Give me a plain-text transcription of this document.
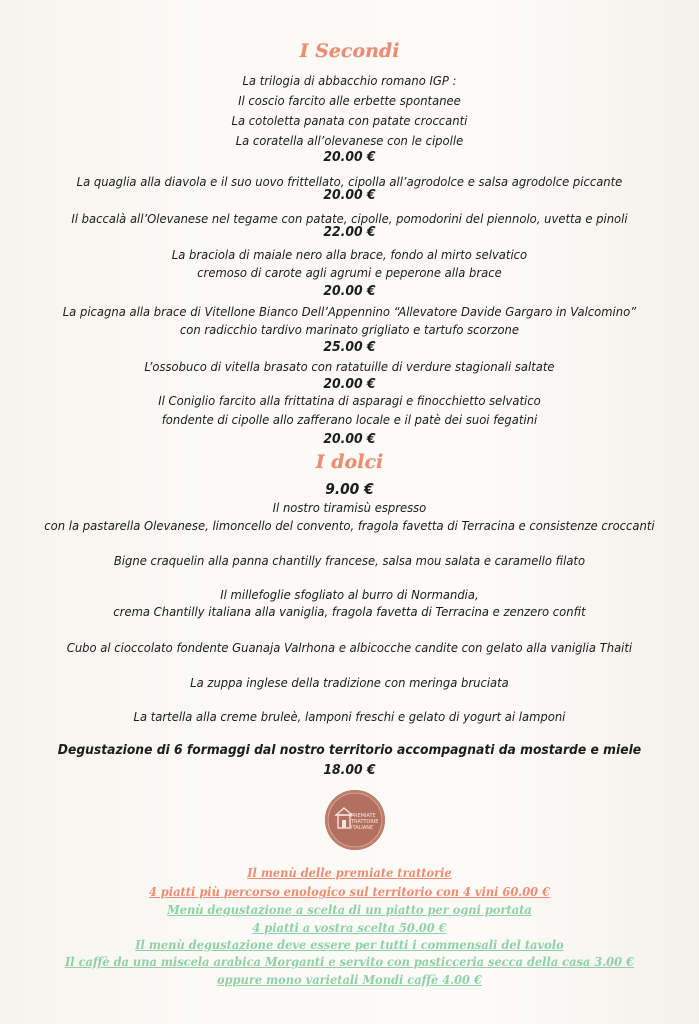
I Secondi
La trilogia di abbacchio romano IGP :
Il coscio farcito alle erbette spontanee
La cotoletta panata con patate croccanti
La coratella all’olevanese con le cipolle
20.00 €
La quaglia alla diavola e il suo uovo frittellato, cipolla all’agrodolce e salsa agrodolce piccante
20.00 €
Il baccalà all’Olevanese nel tegame con patate, cipolle, pomodorini del piennolo, uvetta e pinoli
22.00 €
La braciola di maiale nero alla brace, fondo al mirto selvatico
cremoso di carote agli agrumi e peperone alla brace
20.00 €
La picagna alla brace di Vitellone Bianco Dell’Appennino “Allevatore Davide Gargaro in Valcomino”
con radicchio tardivo marinato grigliato e tartufo scorzone
25.00 €
L’ossobuco di vitella brasato con ratatuille di verdure stagionali saltate
20.00 €
Il Coniglio farcito alla frittatina di asparagi e finocchietto selvatico
fondente di cipolle allo zafferano locale e il patè dei suoi fegatini
20.00 €
I dolci
9.00 €
Il nostro tiramisù espresso
con la pastarella Olevanese, limoncello del convento, fragola favetta di Terracina e consistenze croccanti
Bigne craquelin alla panna chantilly francese, salsa mou salata e caramello filato
Il millefoglie sfogliato al burro di Normandia,
crema Chantilly italiana alla vaniglia, fragola favetta di Terracina e zenzero confit
Cubo al cioccolato fondente Guanaja Valrhona e albicocche candite con gelato alla vaniglia Thaiti
La zuppa inglese della tradizione con meringa bruciata
La tartella alla creme bruleè, lamponi freschi e gelato di yogurt ai lamponi
Degustazione di 6 formaggi dal nostro territorio accompagnati da mostarde e miele
18.00 €
PREMIATE TRATTORIE ITALIANE
Il menù delle premiate trattorie
4 piatti più percorso enologico sul territorio con 4 vini 60.00 €
Menù degustazione a scelta di un piatto per ogni portata
4 piatti a vostra scelta 50.00 €
Il menù degustazione deve essere per tutti i commensali del tavolo
Il caffè da una miscela arabica Morganti e servito con pasticceria secca della casa 3.00 €
oppure mono varietali Mondi caffè 4.00 €
